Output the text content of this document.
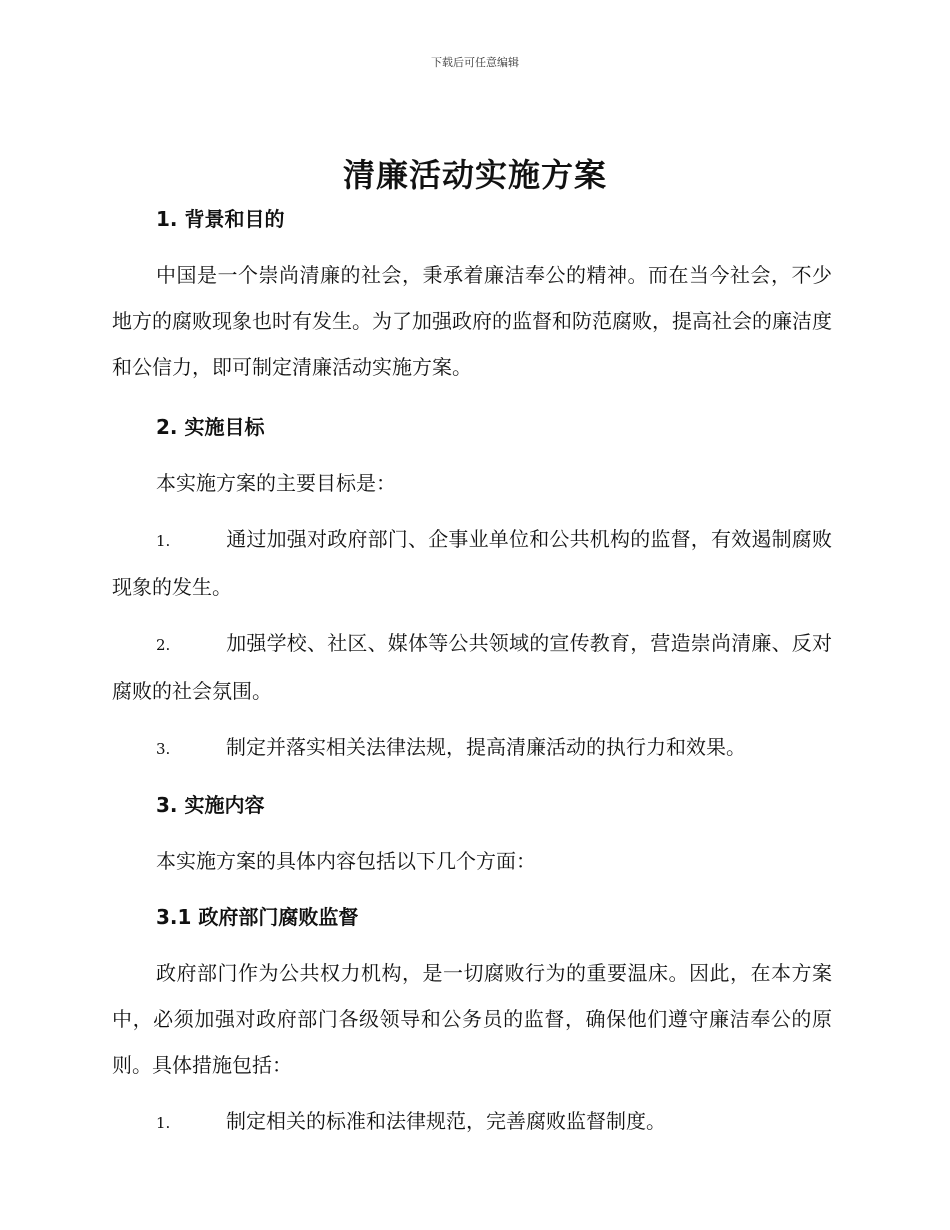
下载后可任意编辑
清廉活动实施方案

1. 背景和目的

中国是一个崇尚清廉的社会，秉承着廉洁奉公的精神。而在当今社会，不少地方的腐败现象也时有发生。为了加强政府的监督和防范腐败，提高社会的廉洁度和公信力，即可制定清廉活动实施方案。

2. 实施目标

本实施方案的主要目标是：

1.	通过加强对政府部门、企事业单位和公共机构的监督，有效遏制腐败现象的发生。

2.	加强学校、社区、媒体等公共领域的宣传教育，营造崇尚清廉、反对腐败的社会氛围。

3.	制定并落实相关法律法规，提高清廉活动的执行力和效果。

3. 实施内容

本实施方案的具体内容包括以下几个方面：

3.1 政府部门腐败监督

政府部门作为公共权力机构，是一切腐败行为的重要温床。因此，在本方案中，必须加强对政府部门各级领导和公务员的监督，确保他们遵守廉洁奉公的原则。具体措施包括：

1.	制定相关的标准和法律规范，完善腐败监督制度。
